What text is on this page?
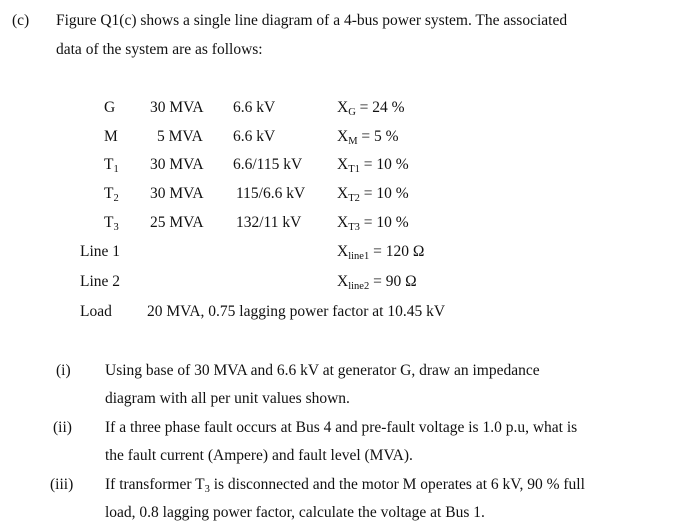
(c) Figure Q1(c) shows a single line diagram of a 4-bus power system. The associated
data of the system are as follows:
G 30 MVA 6.6 kV	$X_G = 24$ %
M	5 MVA 6.6 kV	$X_M = 5$ %
$T_1$ 30 MVA 6.6/115 kV $X_{T1} = 10$ %
$T_2$ 30 MVA 115/6.6 kV $X_{T2} = 10$ %
$T_3$ 25 MVA 132/11 kV $X_{T3} = 10$ %
Line 1	$X_{line1} = 120$ Ω
Line 2	$X_{line2} = 90$ Ω
Load 20 MVA, 0.75 lagging power factor at 10.45 kV
(i) Using base of 30 MVA and 6.6 kV at generator G, draw an impedance
diagram with all per unit values shown.
(ii) If a three phase fault occurs at Bus 4 and pre-fault voltage is 1.0 p.u, what is
the fault current (Ampere) and fault level (MVA).
(iii) If transformer $T_3$ is disconnected and the motor M operates at 6 kV, 90 % full
load, 0.8 lagging power factor, calculate the voltage at Bus 1.
